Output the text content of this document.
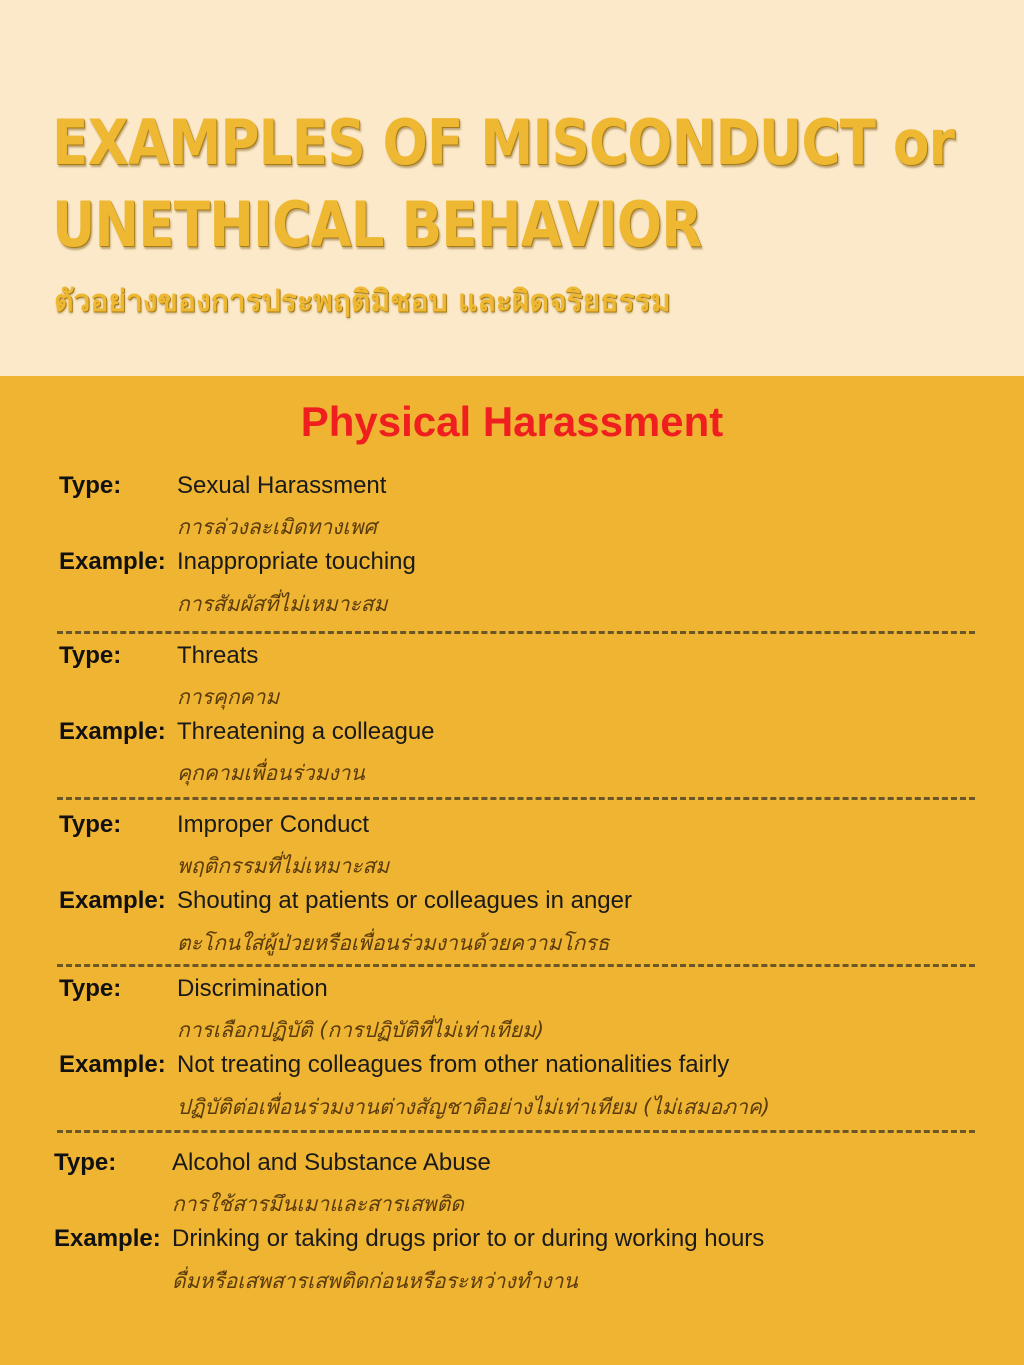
EXAMPLES OF MISCONDUCT or
UNETHICAL BEHAVIOR
ตัวอย่างของการประพฤติมิชอบ และผิดจริยธรรม
Physical Harassment
Type: Sexual Harassment
การล่วงละเมิดทางเพศ
Example: Inappropriate touching
การสัมผัสที่ไม่เหมาะสม
Type: Threats
การคุกคาม
Example: Threatening a colleague
คุกคามเพื่อนร่วมงาน
Type: Improper Conduct
พฤติกรรมที่ไม่เหมาะสม
Example: Shouting at patients or colleagues in anger
ตะโกนใส่ผู้ป่วยหรือเพื่อนร่วมงานด้วยความโกรธ
Type: Discrimination
การเลือกปฏิบัติ (การปฏิบัติที่ไม่เท่าเทียม)
Example: Not treating colleagues from other nationalities fairly
ปฏิบัติต่อเพื่อนร่วมงานต่างสัญชาติอย่างไม่เท่าเทียม (ไม่เสมอภาค)
Type: Alcohol and Substance Abuse
การใช้สารมึนเมาและสารเสพติด
Example: Drinking or taking drugs prior to or during working hours
ดื่มหรือเสพสารเสพติดก่อนหรือระหว่างทำงาน
